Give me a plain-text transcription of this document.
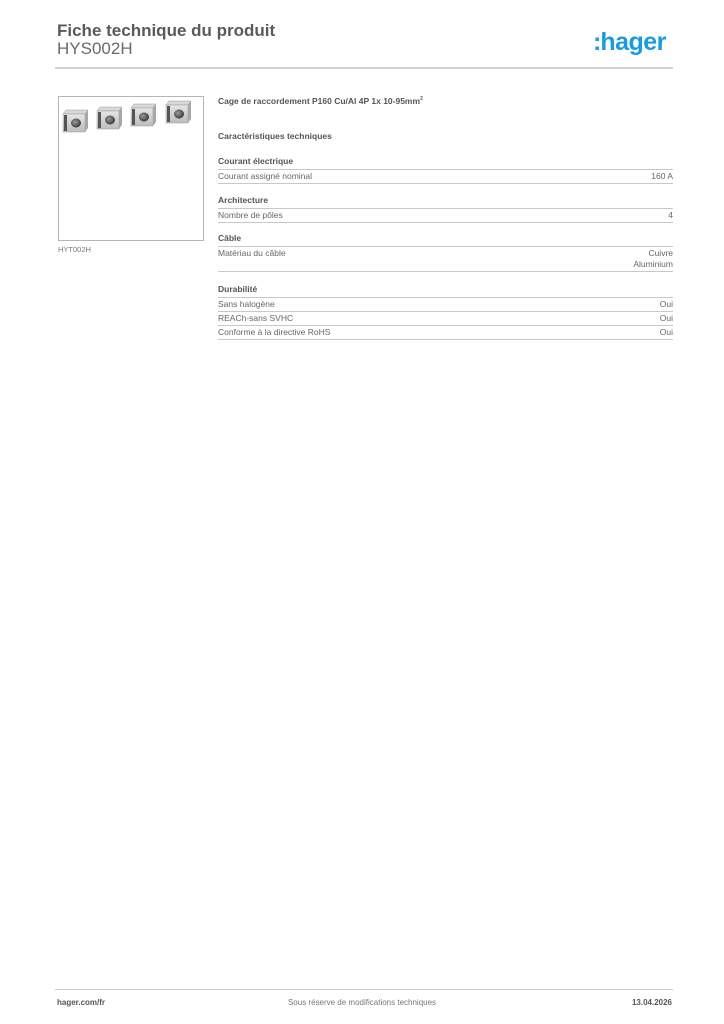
Fiche technique du produit
HYS002H	:hager
HYT002H
Cage de raccordement P160 Cu/Al 4P 1x $10-95mm^2$
Caractéristiques techniques
Courant électrique
Courant assigné nominal	160 A
Architecture
Nombre de pôles	4
Câble
Matériau du câble	Cuivre
Aluminium
Durabilité
Sans halogène	Oui
REACh-sans SVHC	Oui
Conforme à la directive RoHS	Oui
hager.com/fr	Sous réserve de modifications techniques	13.04.2026
